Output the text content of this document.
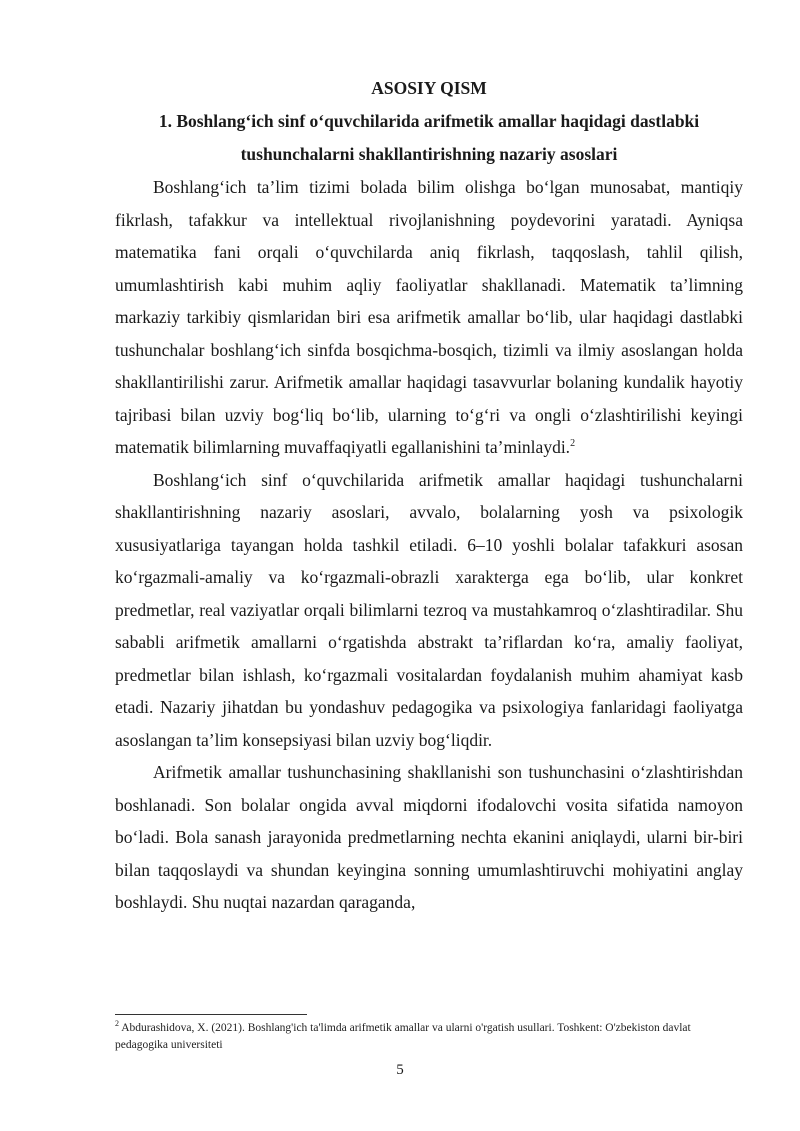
ASOSIY QISM

1. Boshlang‘ich sinf o‘quvchilarida arifmetik amallar haqidagi dastlabki tushunchalarni shakllantirishning nazariy asoslari

Boshlang‘ich ta’lim tizimi bolada bilim olishga bo‘lgan munosabat, mantiqiy fikrlash, tafakkur va intellektual rivojlanishning poydevorini yaratadi. Ayniqsa matematika fani orqali o‘quvchilarda aniq fikrlash, taqqoslash, tahlil qilish, umumlashtirish kabi muhim aqliy faoliyatlar shakllanadi. Matematik ta’limning markaziy tarkibiy qismlaridan biri esa arifmetik amallar bo‘lib, ular haqidagi dastlabki tushunchalar boshlang‘ich sinfda bosqichma-bosqich, tizimli va ilmiy asoslangan holda shakllantirilishi zarur. Arifmetik amallar haqidagi tasavvurlar bolaning kundalik hayotiy tajribasi bilan uzviy bog‘liq bo‘lib, ularning to‘g‘ri va ongli o‘zlashtirilishi keyingi matematik bilimlarning muvaffaqiyatli egallanishini ta’minlaydi.$^2$

Boshlang‘ich sinf o‘quvchilarida arifmetik amallar haqidagi tushunchalarni shakllantirishning nazariy asoslari, avvalo, bolalarning yosh va psixologik xususiyatlariga tayangan holda tashkil etiladi. 6–10 yoshli bolalar tafakkuri asosan ko‘rgazmali-amaliy va ko‘rgazmali-obrazli xarakterga ega bo‘lib, ular konkret predmetlar, real vaziyatlar orqali bilimlarni tezroq va mustahkamroq o‘zlashtiradilar. Shu sababli arifmetik amallarni o‘rgatishda abstrakt ta’riflardan ko‘ra, amaliy faoliyat, predmetlar bilan ishlash, ko‘rgazmali vositalardan foydalanish muhim ahamiyat kasb etadi. Nazariy jihatdan bu yondashuv pedagogika va psixologiya fanlaridagi faoliyatga asoslangan ta’lim konsepsiyasi bilan uzviy bog‘liqdir.

Arifmetik amallar tushunchasining shakllanishi son tushunchasini o‘zlashtirishdan boshlanadi. Son bolalar ongida avval miqdorni ifodalovchi vosita sifatida namoyon bo‘ladi. Bola sanash jarayonida predmetlarning nechta ekanini aniqlaydi, ularni bir-biri bilan taqqoslaydi va shundan keyingina sonning umumlashtiruvchi mohiyatini anglay boshlaydi. Shu nuqtai nazardan qaraganda,

$^2$ Abdurashidova, X. (2021). Boshlang'ich ta'limda arifmetik amallar va ularni o'rgatish usullari. Toshkent: O'zbekiston davlat pedagogika universiteti
5
